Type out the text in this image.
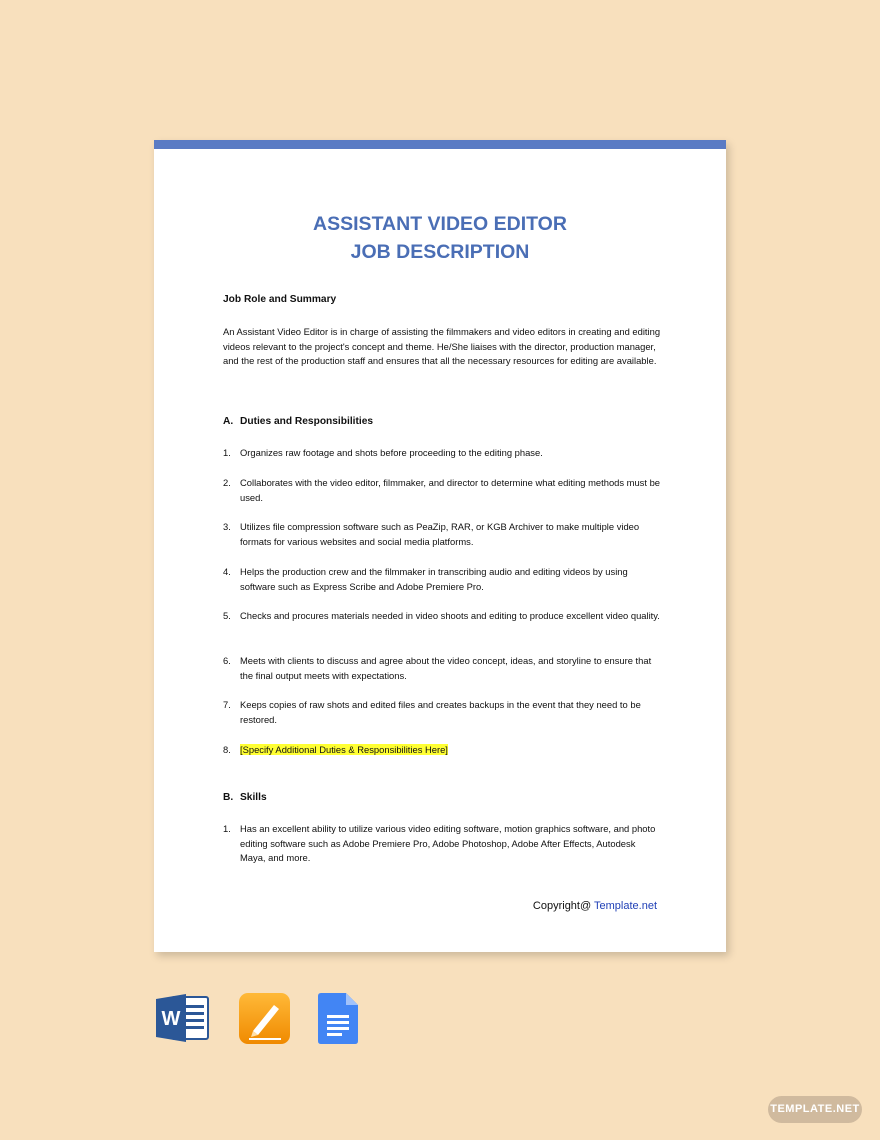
ASSISTANT VIDEO EDITOR
JOB DESCRIPTION
Job Role and Summary

An Assistant Video Editor is in charge of assisting the filmmakers and video editors in creating and editing videos relevant to the project's concept and theme. He/She liaises with the director, production manager, and the rest of the production staff and ensures that all the necessary resources for editing are available.

A. Duties and Responsibilities
1. Organizes raw footage and shots before proceeding to the editing phase.
2. Collaborates with the video editor, filmmaker, and director to determine what editing methods must be used.
3. Utilizes file compression software such as PeaZip, RAR, or KGB Archiver to make multiple video formats for various websites and social media platforms.
4. Helps the production crew and the filmmaker in transcribing audio and editing videos by using software such as Express Scribe and Adobe Premiere Pro.
5. Checks and procures materials needed in video shoots and editing to produce excellent video quality.
6. Meets with clients to discuss and agree about the video concept, ideas, and storyline to ensure that the final output meets with expectations.
7. Keeps copies of raw shots and edited files and creates backups in the event that they need to be restored.
8. [Specify Additional Duties & Responsibilities Here]
B. Skills
1. Has an excellent ability to utilize various video editing software, motion graphics software, and photo editing software such as Adobe Premiere Pro, Adobe Photoshop, Adobe After Effects, Autodesk Maya, and more.
Copyright@ Template.net
W
TEMPLATE.NET
